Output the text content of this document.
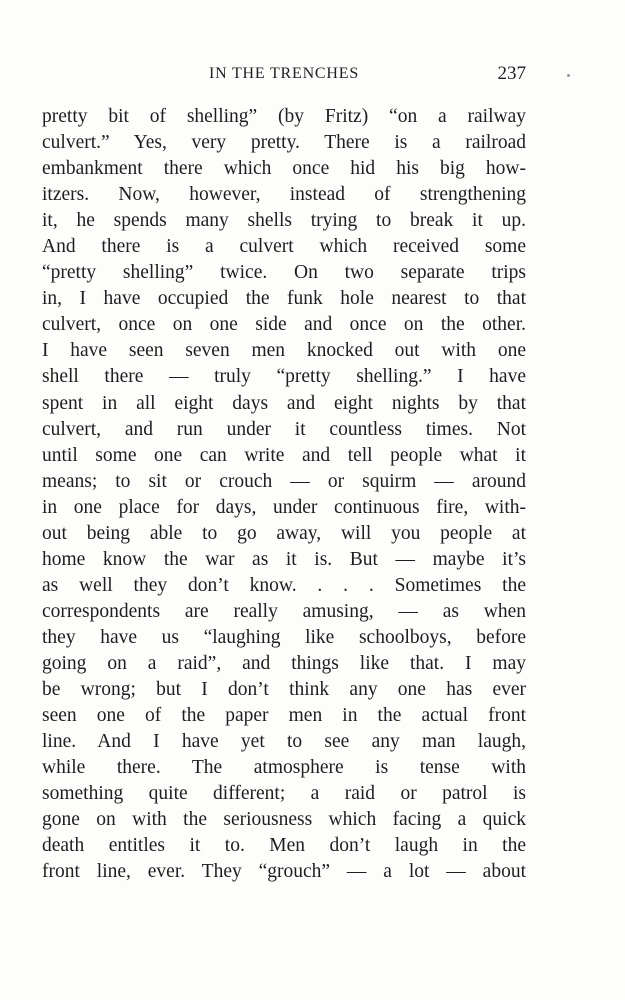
IN THE TRENCHES	237
pretty bit of shelling” (by Fritz) “on a railway
culvert.” Yes, very pretty. There is a railroad
embankment there which once hid his big how-
itzers. Now, however, instead of strengthening
it, he spends many shells trying to break it up.
And there is a culvert which received some
“pretty shelling” twice. On two separate trips
in, I have occupied the funk hole nearest to that
culvert, once on one side and once on the other.
I have seen seven men knocked out with one
shell there — truly “pretty shelling.” I have
spent in all eight days and eight nights by that
culvert, and run under it countless times. Not
until some one can write and tell people what it
means; to sit or crouch — or squirm — around
in one place for days, under continuous fire, with-
out being able to go away, will you people at
home know the war as it is. But — maybe it’s
as well they don’t know. . . . Sometimes the
correspondents are really amusing, — as when
they have us “laughing like schoolboys, before
going on a raid”, and things like that. I may
be wrong; but I don’t think any one has ever
seen one of the paper men in the actual front
line. And I have yet to see any man laugh,
while there. The atmosphere is tense with
something quite different; a raid or patrol is
gone on with the seriousness which facing a quick
death entitles it to. Men don’t laugh in the
front line, ever. They “grouch” — a lot — about
